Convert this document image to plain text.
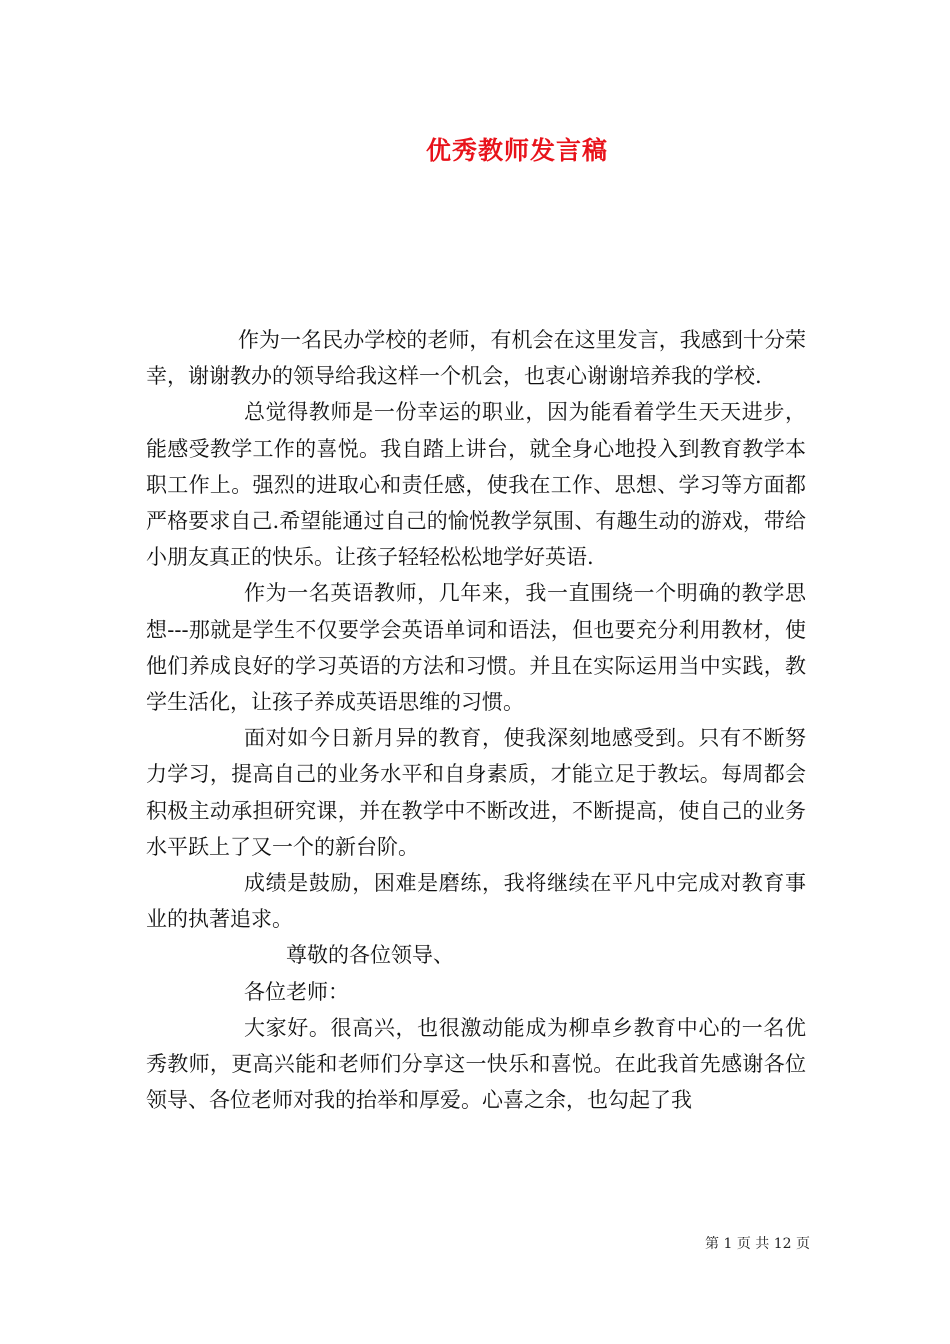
优秀教师发言稿

作为一名民办学校的老师，有机会在这里发言，我感到十分荣幸，谢谢教办的领导给我这样一个机会，也衷心谢谢培养我的学校.

总觉得教师是一份幸运的职业，因为能看着学生天天进步，能感受教学工作的喜悦。我自踏上讲台，就全身心地投入到教育教学本职工作上。强烈的进取心和责任感，使我在工作、思想、学习等方面都严格要求自己.希望能通过自己的愉悦教学氛围、有趣生动的游戏，带给小朋友真正的快乐。让孩子轻轻松松地学好英语.

作为一名英语教师，几年来，我一直围绕一个明确的教学思想---那就是学生不仅要学会英语单词和语法，但也要充分利用教材，使他们养成良好的学习英语的方法和习惯。并且在实际运用当中实践，教学生活化，让孩子养成英语思维的习惯。

面对如今日新月异的教育，使我深刻地感受到。只有不断努力学习，提高自己的业务水平和自身素质，才能立足于教坛。每周都会积极主动承担研究课，并在教学中不断改进，不断提高，使自己的业务水平跃上了又一个的新台阶。

成绩是鼓励，困难是磨练，我将继续在平凡中完成对教育事业的执著追求。

尊敬的各位领导、

各位老师：

大家好。很高兴，也很激动能成为柳卓乡教育中心的一名优秀教师，更高兴能和老师们分享这一快乐和喜悦。在此我首先感谢各位领导、各位老师对我的抬举和厚爱。心喜之余，也勾起了我

第 1 页 共 12 页
